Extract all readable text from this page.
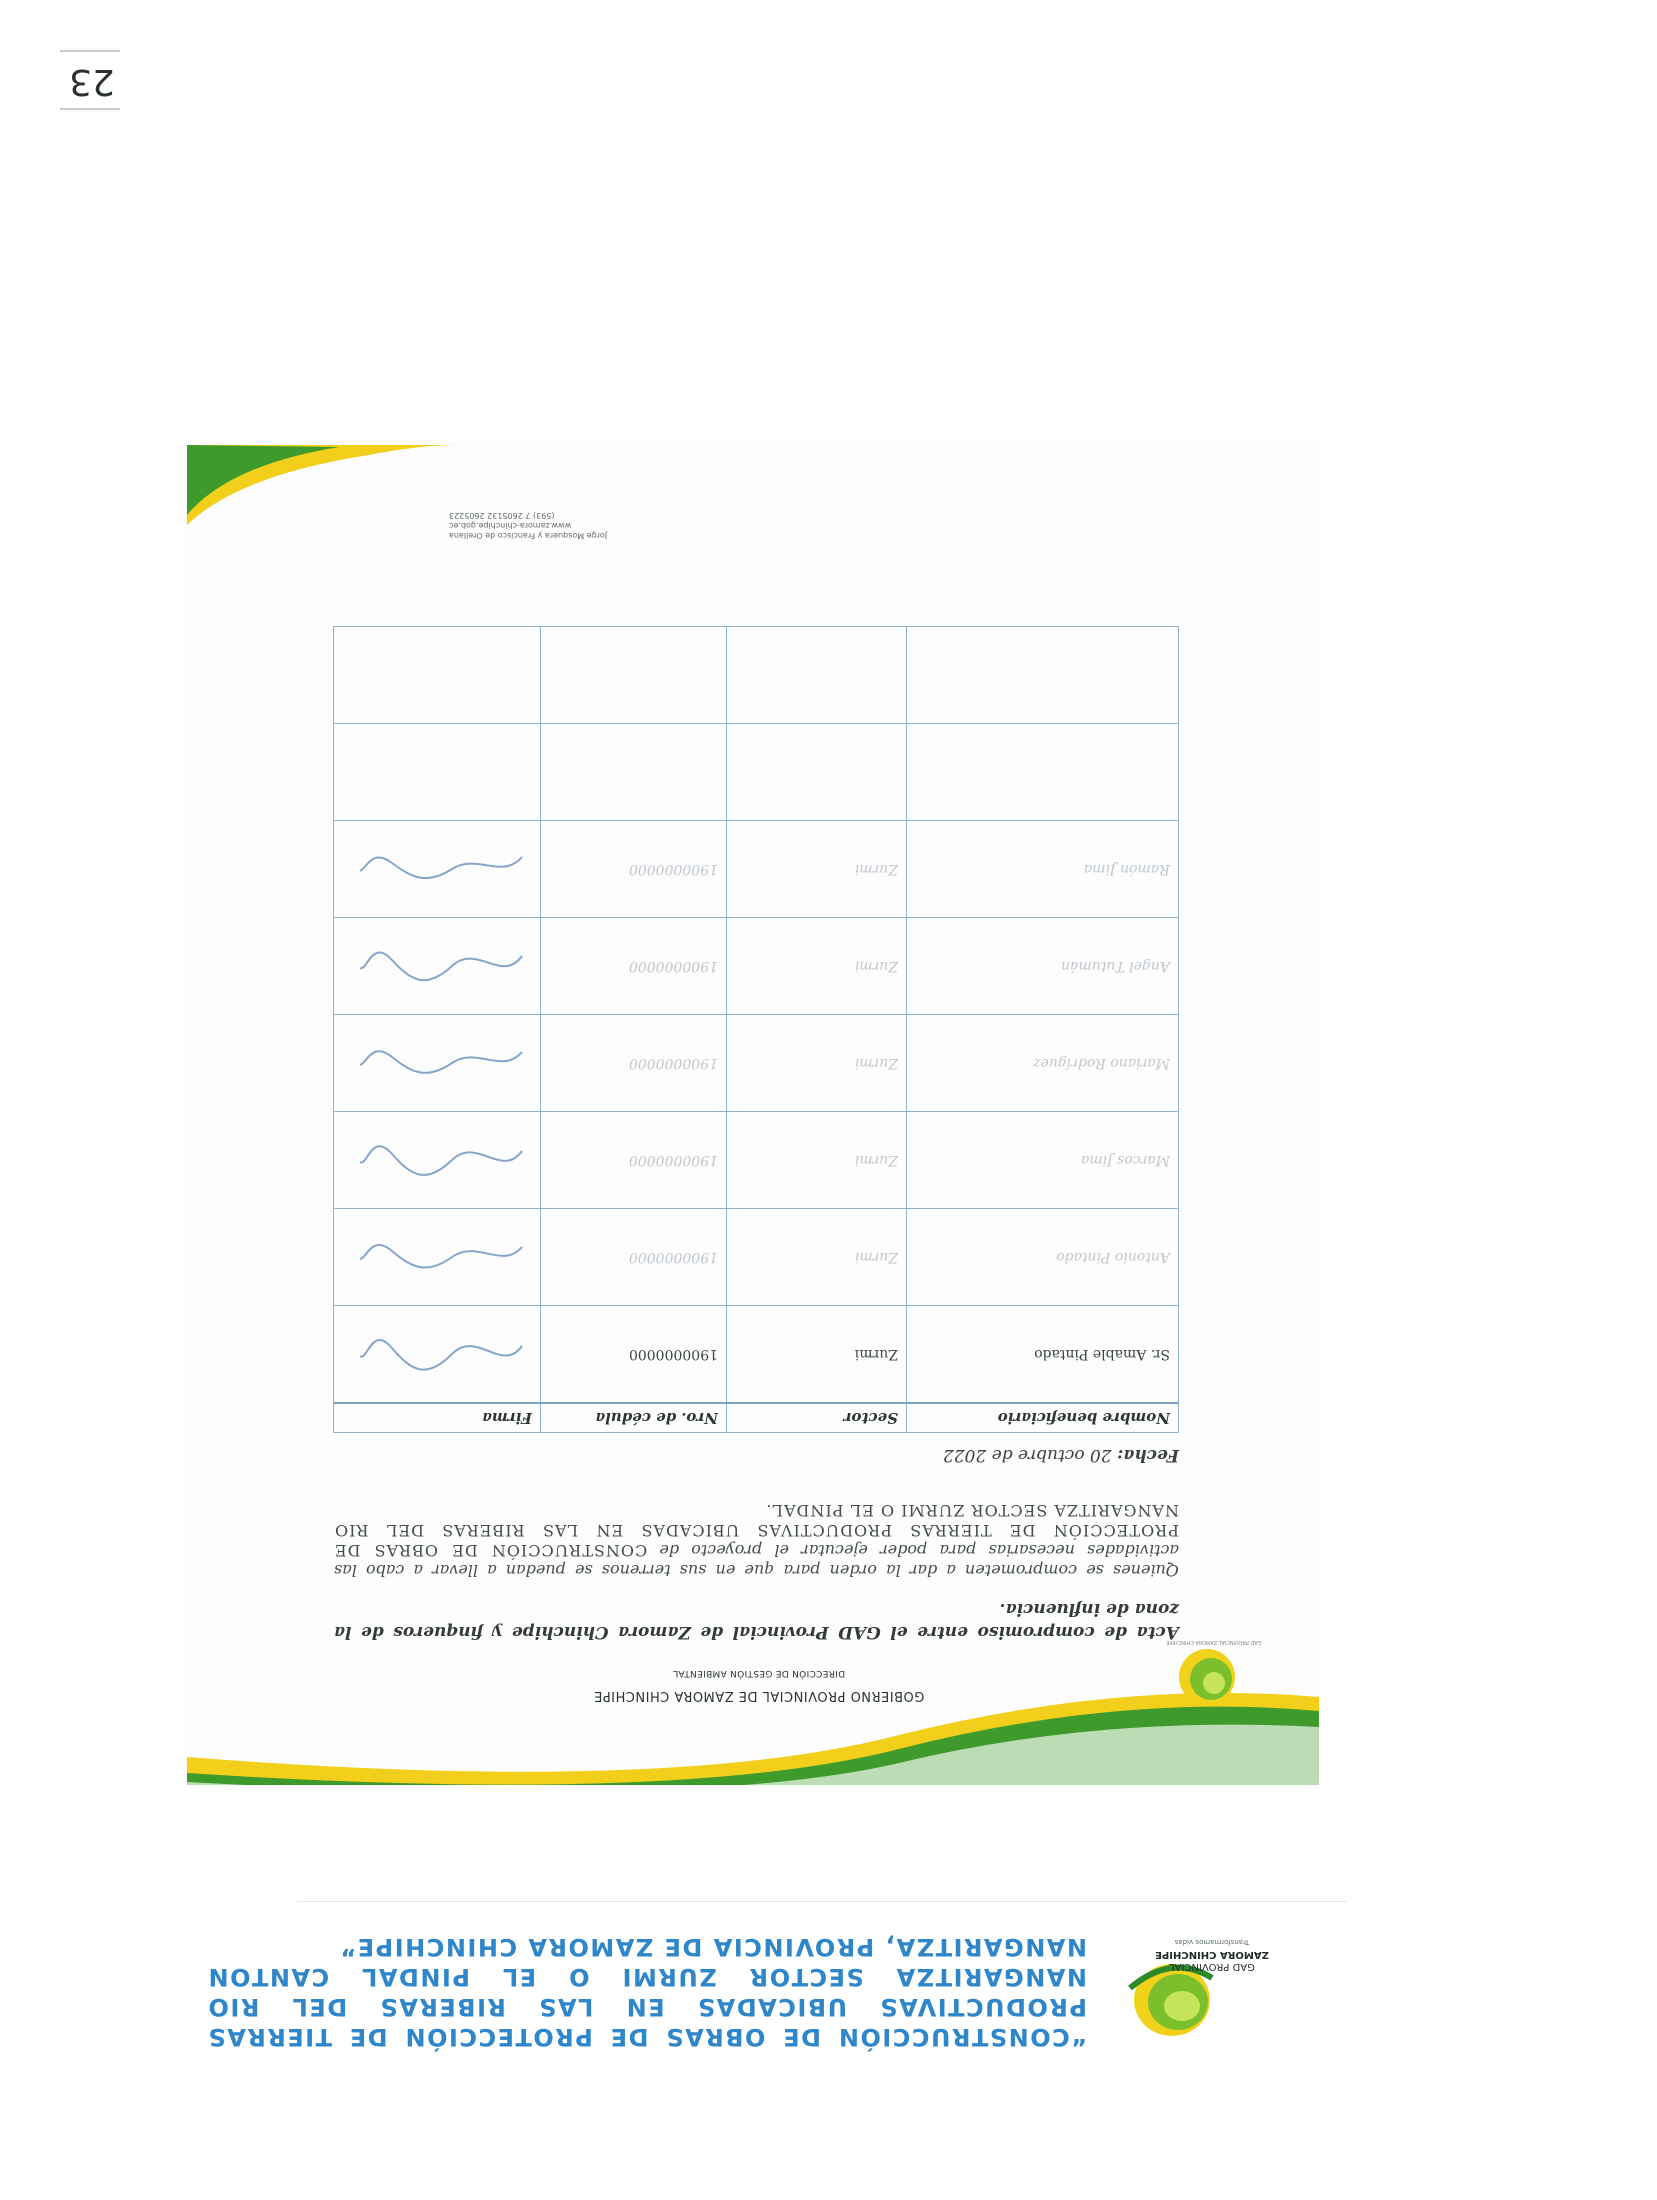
GAD PROVINCIAL
ZAMORA CHINCHIPE
Transformamos vidas
“CONSTRUCCIÓN DE OBRAS DE PROTECCIÓN DE TIERRAS PRODUCTIVAS UBICADAS EN LAS RIBERAS DEL RIO NANGARITZA SECTOR ZURMI O EL PINDAL CANTON NANGARITZA, PROVINCIA DE ZAMORA CHINCHIPE”
GAD PROVINCIAL ZAMORA CHINCHIPE
GOBIERNO PROVINCIAL DE ZAMORA CHINCHIPE
DIRECCIÓN DE GESTIÓN AMBIENTAL
Acta de compromiso entre el GAD Provincial de Zamora Chinchipe y finqueros de la zona de influencia.
Quienes se comprometen a dar la orden para que en sus terrenos se puedan a llevar a cabo las actividades necesarias para poder ejecutar el proyecto de CONSTRUCCIÓN DE OBRAS DE PROTECCIÓN DE TIERRAS PRODUCTIVAS UBICADAS EN LAS RIBERAS DEL RIO NANGARITZA SECTOR ZURMI O EL PINDAL.
Fecha: 20 octubre de 2022
Nombre beneficiario	Sector	Nro. de cédula	Firma
Sr. Amable Pintado	Zurmi	1900000000	

Antonio Pintado	Zurmi	1900000000	

Marcos Jima	Zurmi	1900000000	

Mariano Rodríguez	Zurmi	1900000000	

Angel Tutumán	Zurmi	1900000000	

Ramón Jima	Zurmi	1900000000	

Jorge Mosquera y Francisco de Orellana
www.zamora-chinchipe.gob.ec
(593) 7 2605132 2605223
23
